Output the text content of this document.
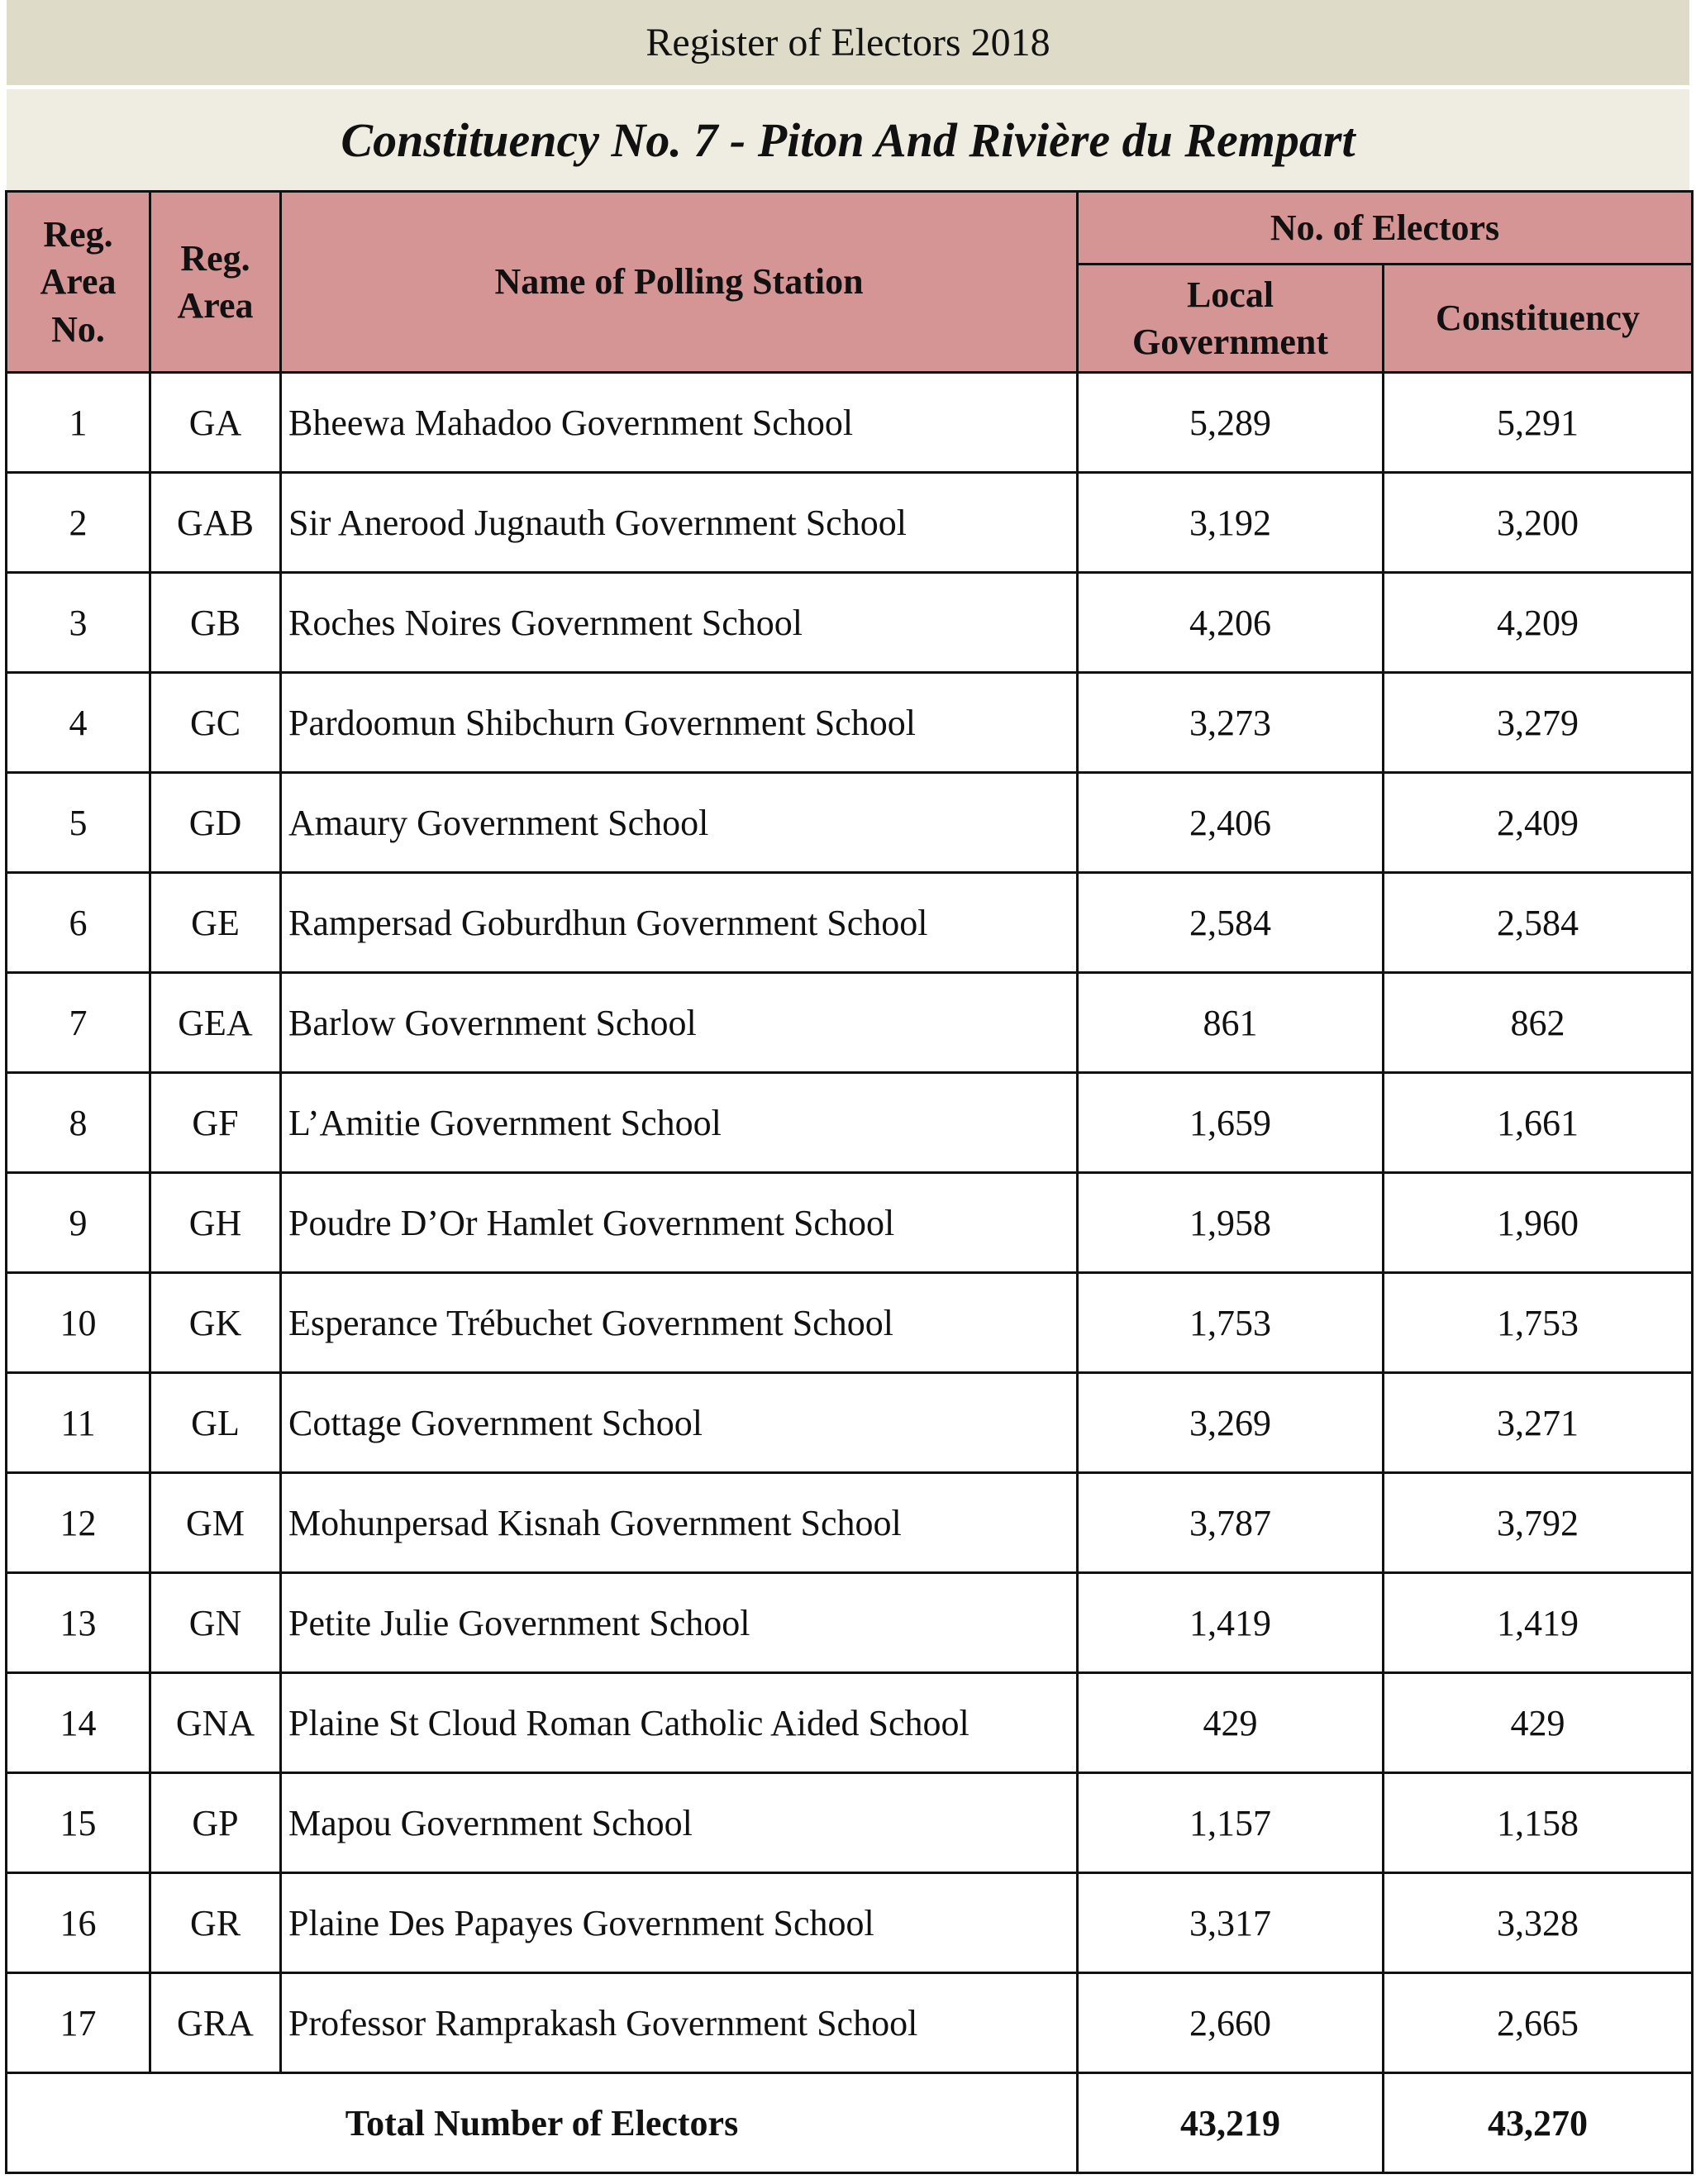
Register of Electors 2018
Constituency No. 7 - Piton And Rivière du Rempart
Reg. Area No.	Reg. Area	Name of Polling Station	No. of Electors	
			Local Government	Constituency
1	GA	Bheewa Mahadoo Government School	5,289	5,291
2	GAB	Sir Anerood Jugnauth Government School	3,192	3,200
3	GB	Roches Noires Government School	4,206	4,209
4	GC	Pardoomun Shibchurn Government School	3,273	3,279
5	GD	Amaury Government School	2,406	2,409
6	GE	Rampersad Goburdhun Government School	2,584	2,584
7	GEA	Barlow Government School	861	862
8	GF	L’Amitie Government School	1,659	1,661
9	GH	Poudre D’Or Hamlet Government School	1,958	1,960
10	GK	Esperance Trébuchet Government School	1,753	1,753
11	GL	Cottage Government School	3,269	3,271
12	GM	Mohunpersad Kisnah Government School	3,787	3,792
13	GN	Petite Julie Government School	1,419	1,419
14	GNA	Plaine St Cloud Roman Catholic Aided School	429	429
15	GP	Mapou Government School	1,157	1,158
16	GR	Plaine Des Papayes Government School	3,317	3,328
17	GRA	Professor Ramprakash Government School	2,660	2,665
Total Number of Electors			43,219	43,270
